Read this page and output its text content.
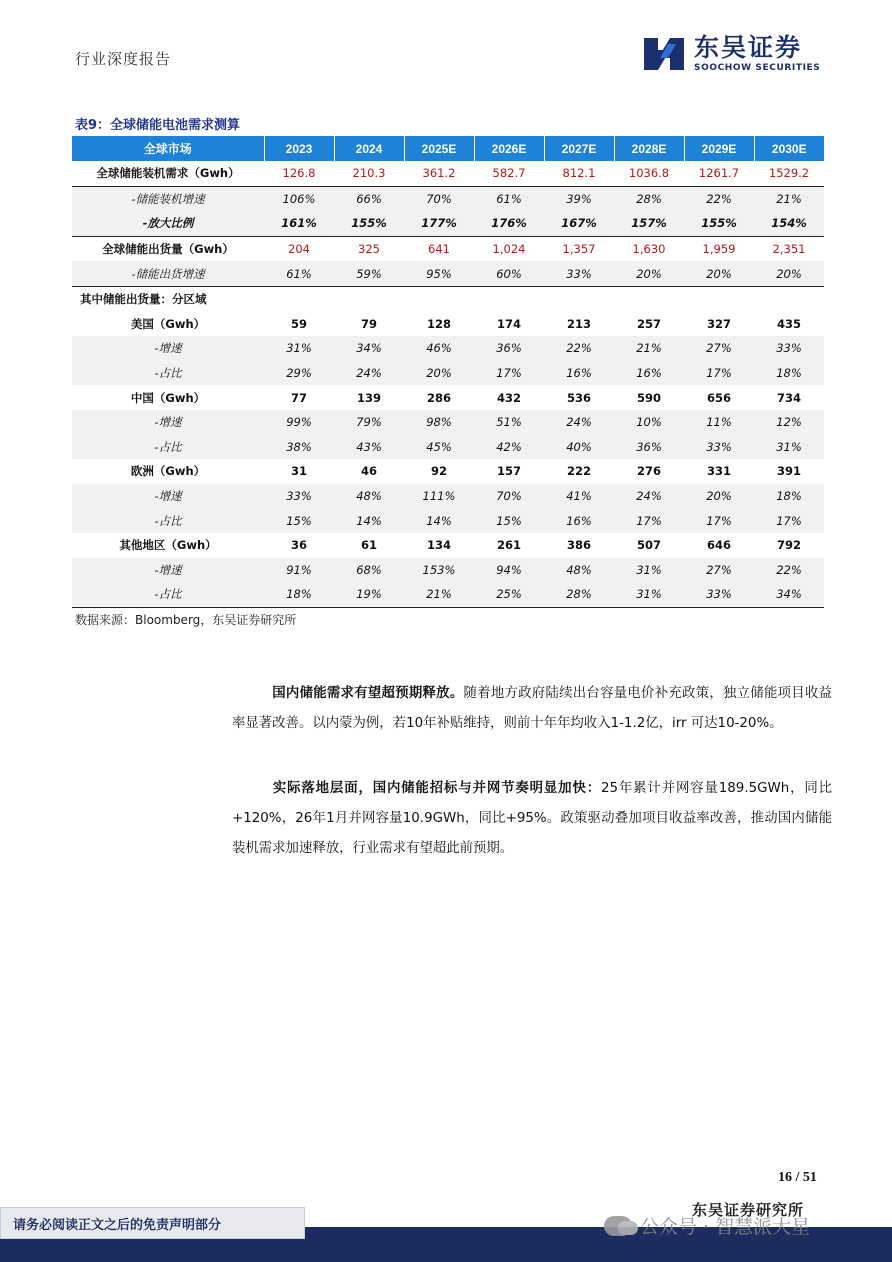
行业深度报告	东吴证券
SOOCHOW SECURITIES
表9：全球储能电池需求测算
全球市场	2023	2024	2025E	2026E	2027E	2028E	2029E	2030E
全球储能装机需求（Gwh）	126.8	210.3	361.2	582.7	812.1	1036.8	1261.7	1529.2
-储能装机增速	106%	66%	70%	61%	39%	28%	22%	21%
-放大比例	161%	155%	177%	176%	167%	157%	155%	154%
全球储能出货量（Gwh）	204	325	641	1,024	1,357	1,630	1,959	2,351
-储能出货增速	61%	59%	95%	60%	33%	20%	20%	20%
其中储能出货量：分区域								
美国（Gwh）	59	79	128	174	213	257	327	435
-增速	31%	34%	46%	36%	22%	21%	27%	33%
-占比	29%	24%	20%	17%	16%	16%	17%	18%
中国（Gwh）	77	139	286	432	536	590	656	734
-增速	99%	79%	98%	51%	24%	10%	11%	12%
-占比	38%	43%	45%	42%	40%	36%	33%	31%
欧洲（Gwh）	31	46	92	157	222	276	331	391
-增速	33%	48%	111%	70%	41%	24%	20%	18%
-占比	15%	14%	14%	15%	16%	17%	17%	17%
其他地区（Gwh）	36	61	134	261	386	507	646	792
-增速	91%	68%	153%	94%	48%	31%	27%	22%
-占比	18%	19%	21%	25%	28%	31%	33%	34%
数据来源：Bloomberg，东吴证券研究所
国内储能需求有望超预期释放。随着地方政府陆续出台容量电价补充政策，独立储能项目收益率显著改善。以内蒙为例，若10年补贴维持，则前十年年均收入1-1.2亿，irr 可达10-20%。
实际落地层面，国内储能招标与并网节奏明显加快：25年累计并网容量189.5GWh，同比+120%，26年1月并网容量10.9GWh，同比+95%。政策驱动叠加项目收益率改善，推动国内储能装机需求加速释放，行业需求有望超此前预期。
16 / 51
东吴证券研究所
请务必阅读正文之后的免责声明部分	公众号 · 智慧派大星
